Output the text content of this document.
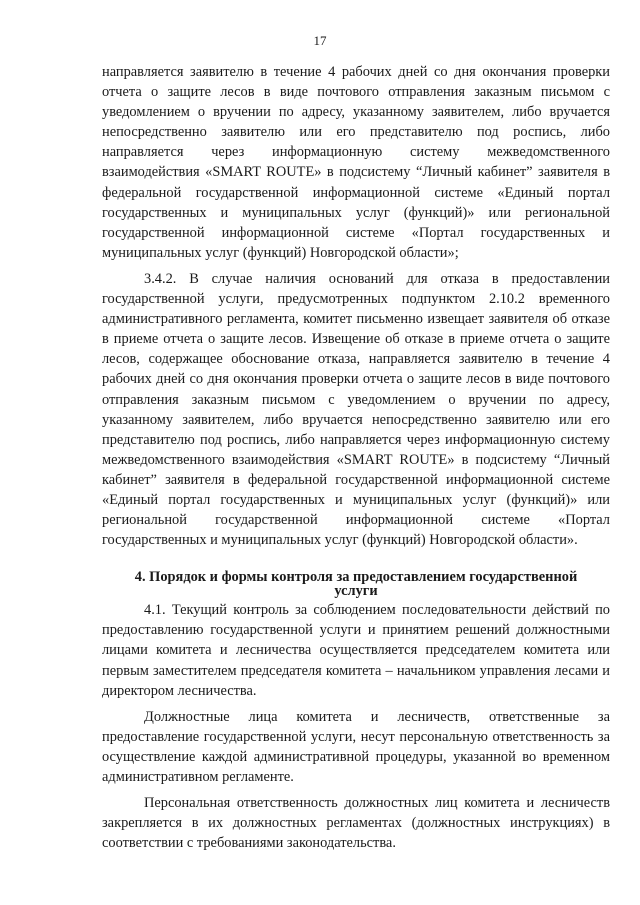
17

направляется заявителю в течение 4 рабочих дней со дня окончания проверки отчета о защите лесов в виде почтового отправления заказным письмом с уведомлением о вручении по адресу, указанному заявителем, либо вручается непосредственно заявителю или его представителю под роспись, либо направляется через информационную систему межведомственного взаимодействия «SMART ROUTE» в подсистему “Личный кабинет” заявителя в федеральной государственной информационной системе «Единый портал государственных и муниципальных услуг (функций)» или региональной государственной информационной системе «Портал государственных и муниципальных услуг (функций) Новгородской области»;

3.4.2. В случае наличия оснований для отказа в предоставлении государственной услуги, предусмотренных подпунктом 2.10.2 временного административного регламента, комитет письменно извещает заявителя об отказе в приеме отчета о защите лесов. Извещение об отказе в приеме отчета о защите лесов, содержащее обоснование отказа, направляется заявителю в течение 4 рабочих дней со дня окончания проверки отчета о защите лесов в виде почтового отправления заказным письмом с уведомлением о вручении по адресу, указанному заявителем, либо вручается непосредственно заявителю или его представителю под роспись, либо направляется через информационную систему межведомственного взаимодействия «SMART ROUTE» в подсистему “Личный кабинет” заявителя в федеральной государственной информационной системе «Единый портал государственных и муниципальных услуг (функций)» или региональной государственной информационной системе «Портал государственных и муниципальных услуг (функций) Новгородской области».

4. Порядок и формы контроля за предоставлением государственной
услуги

4.1. Текущий контроль за соблюдением последовательности действий по предоставлению государственной услуги и принятием решений должностными лицами комитета и лесничества осуществляется председателем комитета или первым заместителем председателя комитета – начальником управления лесами и директором лесничества.

Должностные лица комитета и лесничеств, ответственные за предоставление государственной услуги, несут персональную ответственность за осуществление каждой административной процедуры, указанной во временном административном регламенте.

Персональная ответственность должностных лиц комитета и лесничеств закрепляется в их должностных регламентах (должностных инструкциях) в соответствии с требованиями законодательства.
